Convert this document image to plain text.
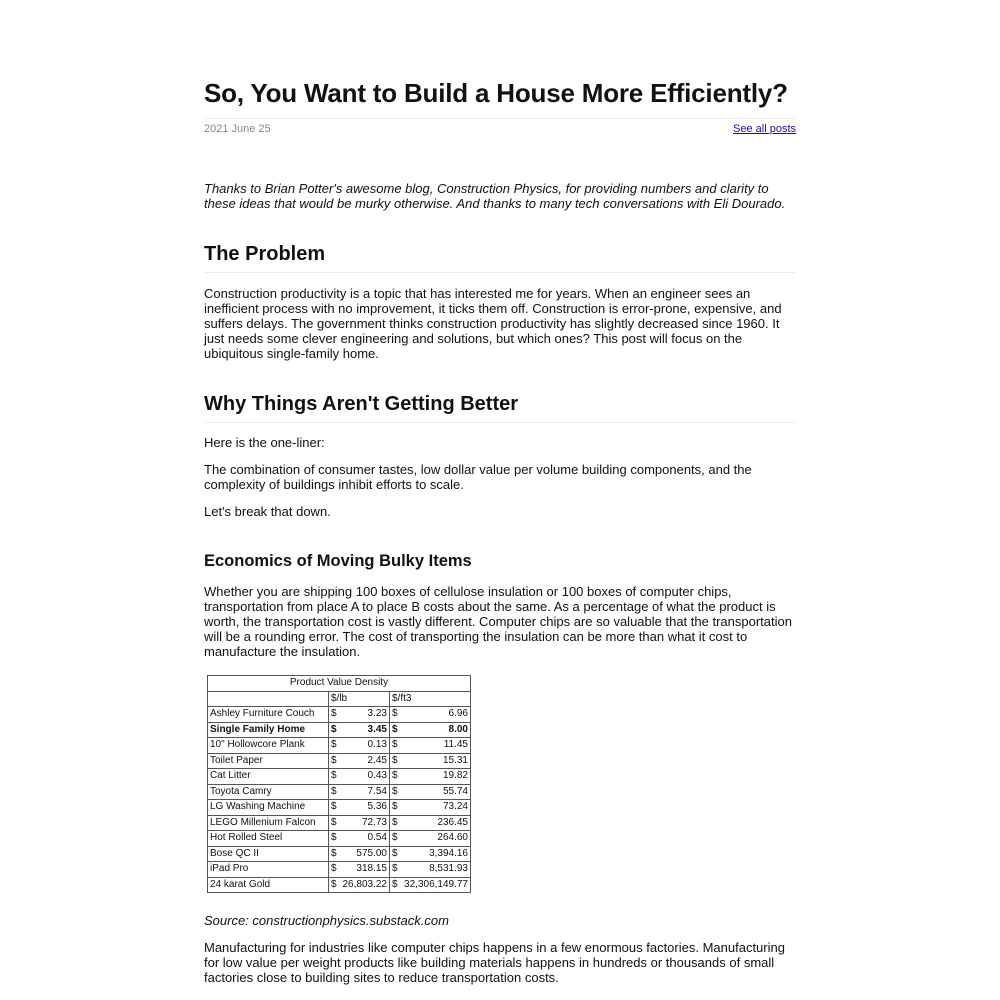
So, You Want to Build a House More Efficiently?
2021 June 25	See all posts

Thanks to Brian Potter's awesome blog, Construction Physics, for providing numbers and clarity to these ideas that would be murky otherwise. And thanks to many tech conversations with Eli Dourado.

The Problem

Construction productivity is a topic that has interested me for years. When an engineer sees an inefficient process with no improvement, it ticks them off. Construction is error-prone, expensive, and suffers delays. The government thinks construction productivity has slightly decreased since 1960. It just needs some clever engineering and solutions, but which ones? This post will focus on the ubiquitous single-family home.

Why Things Aren't Getting Better

Here is the one-liner:

The combination of consumer tastes, low dollar value per volume building components, and the complexity of buildings inhibit efforts to scale.

Let's break that down.

Economics of Moving Bulky Items

Whether you are shipping 100 boxes of cellulose insulation or 100 boxes of computer chips, transportation from place A to place B costs about the same. As a percentage of what the product is worth, the transportation cost is vastly different. Computer chips are so valuable that the transportation will be a rounding error. The cost of transporting the insulation can be more than what it cost to manufacture the insulation.

Product Value Density		
	$/lb	$/ft3
Ashley Furniture Couch	$ 3.23	$ 6.96

Single Family Home	$ 3.45	$ 8.00

10" Hollowcore Plank	$ 0.13	$ 11.45

Toilet Paper	$ 2.45	$ 15.31

Cat Litter	$ 0.43	$ 19.82

Toyota Camry	$ 7.54	$ 55.74

LG Washing Machine	$ 5.36	$ 73.24

LEGO Millenium Falcon	$ 72.73	$ 236.45

Hot Rolled Steel	$ 0.54	$ 264.60

Bose QC II	$ 575.00	$ 3,394.16

iPad Pro	$ 318.15	$ 8,531.93

24 karat Gold	$ 26,803.22	$ 32,306,149.77

Source: constructionphysics.substack.com

Manufacturing for industries like computer chips happens in a few enormous factories. Manufacturing for low value per weight products like building materials happens in hundreds or thousands of small factories close to building sites to reduce transportation costs.
